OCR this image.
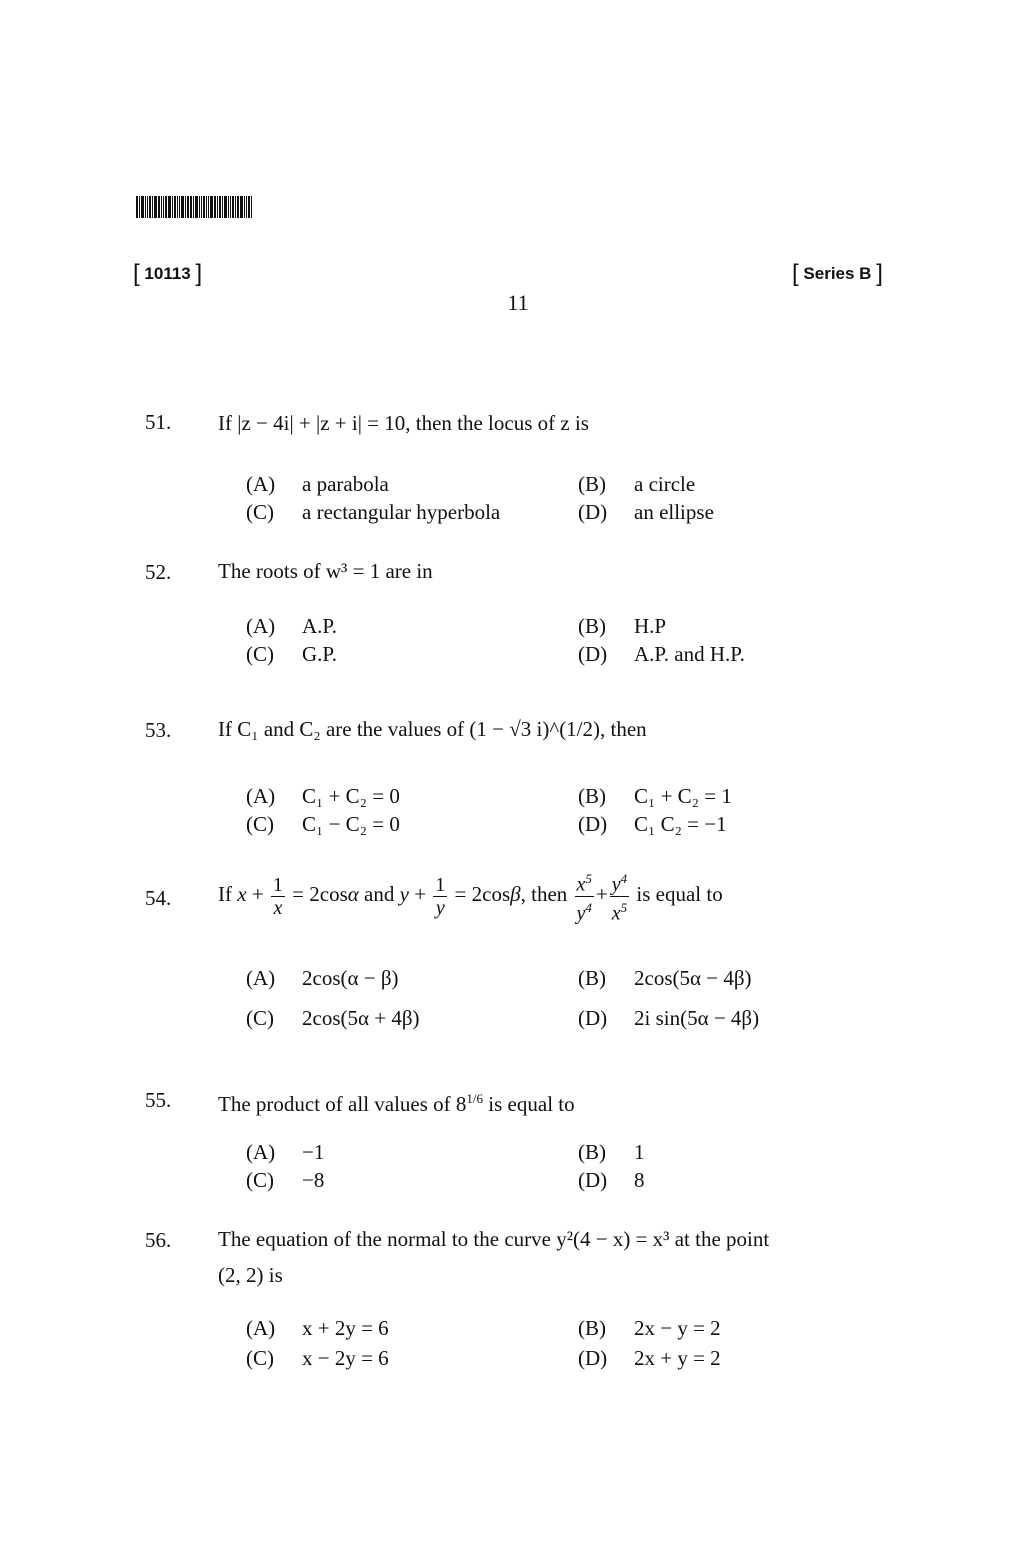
[ 10113 ]	[ Series B ]
11
51. If |z − 4i| + |z + i| = 10, then the locus of z is
(A) a parabola	(B) a circle
(C) a rectangular hyperbola	(D) an ellipse
52. The roots of w³ = 1 are in
(A) A.P.	(B) H.P
(C) G.P.	(D) A.P. and H.P.
53. If C₁ and C₂ are the values of (1 − √3 i)^(1/2), then
(A) C₁ + C₂ = 0	(B) C₁ + C₂ = 1
(C) C₁ − C₂ = 0	(D) C₁ C₂ = −1
54. If $x + \frac{1}{x} = 2\cos\alpha$ and $y + \frac{1}{y} = 2\cos\beta$, then $\frac{x^5}{y^4} + \frac{y^4}{x^5}$ is equal to
(A) 2cos(α − β)	(B) 2cos(5α − 4β)
(C) 2cos(5α + 4β)	(D) 2i sin(5α − 4β)
55. The product of all values of $8^{1/6}$ is equal to
(A) −1	(B) 1
(C) −8	(D) 8
56. The equation of the normal to the curve y²(4 − x) = x³ at the point
(2, 2) is
(A) x + 2y = 6	(B) 2x − y = 2
(C) x − 2y = 6	(D) 2x + y = 2
